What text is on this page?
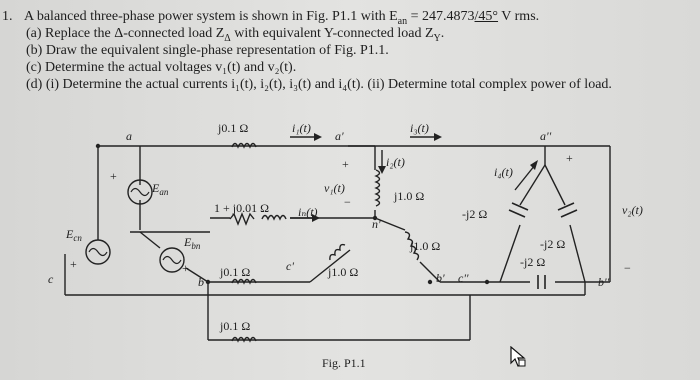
1. A balanced three-phase power system is shown in Fig. P1.1 with $E_{an} = 247.4873/45^\circ$ V rms.
(a) Replace the Δ-connected load $Z_\Delta$ with equivalent Y-connected load $Z_Y$.
(b) Draw the equivalent single-phase representation of Fig. P1.1.
(c) Determine the actual voltages v₁(t) and v₂(t).
(d) (i) Determine the actual currents i₁(t), i₂(t), i₃(t) and i₄(t). (ii) Determine total complex power of load.
a	a'	a''
b	b'	b''
c
c'
c''
n'
$E_{an}$
$E_{cn}$	$E_{bn}$
j0.1 Ω
j0.1 Ω
j0.1 Ω
1 + j0.01 Ω
i₁(t)	i₃(t)
i₂(t)
i₄(t)
iₙ(t)
v₁(t)
v₂(t)
j1.0 Ω
j1.0 Ω
j1.0 Ω
-j2 Ω
-j2 Ω
-j2 Ω
+
+	+
+
−
+
−
Fig. P1.1
